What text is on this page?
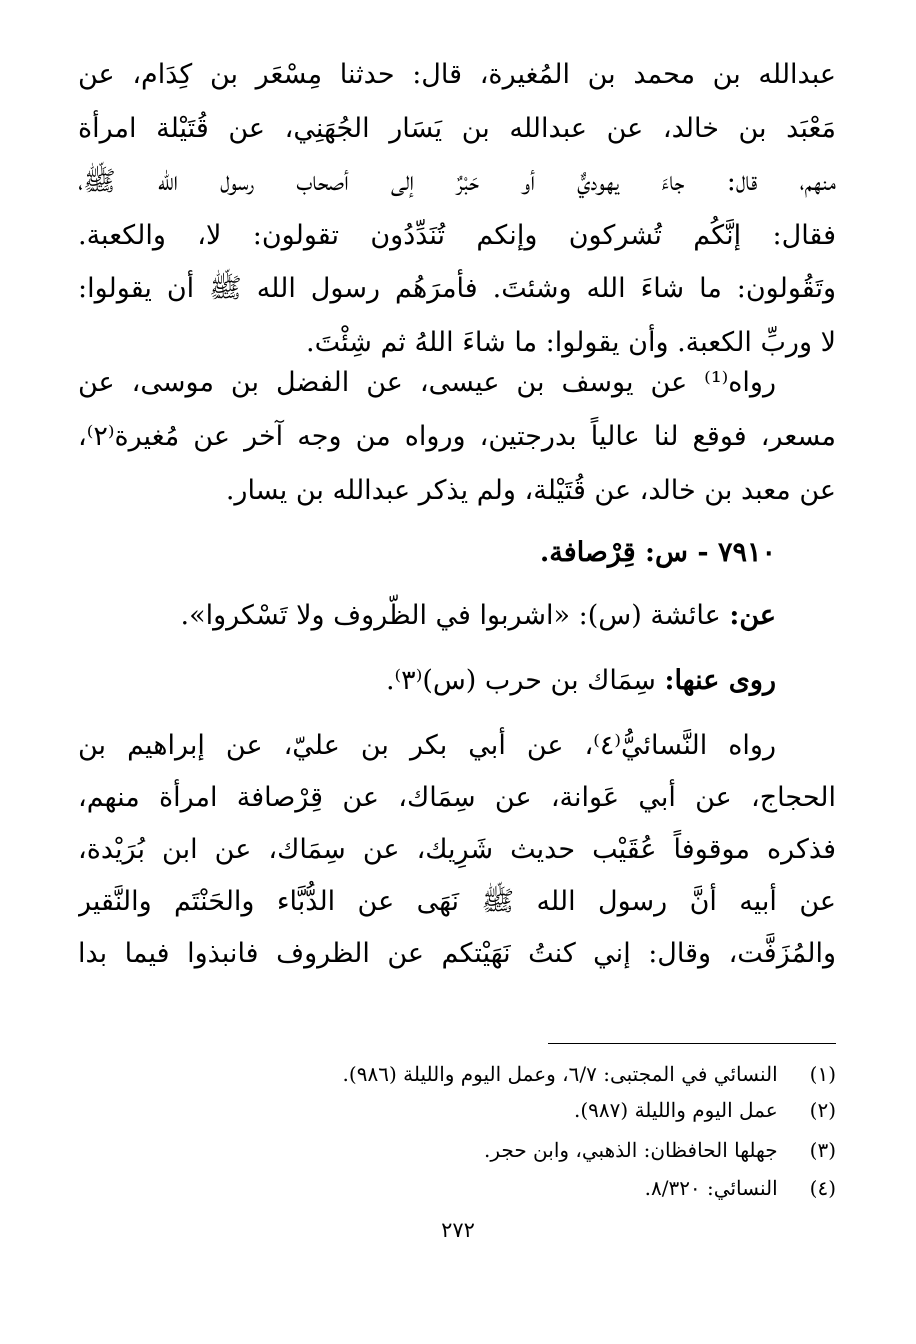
عبدالله بن محمد بن المُغيرة، قال: حدثنا مِسْعَر بن كِدَام، عن
مَعْبَد بن خالد، عن عبدالله بن يَسَار الجُهَنِي، عن قُتَيْلة امرأة
منهم، قال: جاءَ يهوديٌّ أو حَبْرٌ إلى أصحاب رسول الله ﷺ،
فقال: إنَّكُم تُشركون وإنكم تُنَدِّدُون تقولون: لا، والكعبة.
وتَقُولون: ما شاءَ الله وشئتَ. فأمرَهُم رسول الله ﷺ أن يقولوا:
لا وربِّ الكعبة. وأن يقولوا: ما شاءَ اللهُ ثم شِئْتَ.
رواه⁽¹⁾ عن يوسف بن عيسى، عن الفضل بن موسى، عن
مسعر، فوقع لنا عالياً بدرجتين، ورواه من وجه آخر عن مُغيرة⁽٢⁾،
عن معبد بن خالد، عن قُتَيْلة، ولم يذكر عبدالله بن يسار.
٧٩١٠ - س: قِرْصافة.
عن: عائشة (س): «اشربوا في الظّروف ولا تَسْكروا».
روى عنها: سِمَاك بن حرب (س)⁽٣⁾.
رواه النَّسائيُّ⁽٤⁾، عن أبي بكر بن عليّ، عن إبراهيم بن
الحجاج، عن أبي عَوانة، عن سِمَاك، عن قِرْصافة امرأة منهم،
فذكره موقوفاً عُقَيْب حديث شَرِيك، عن سِمَاك، عن ابن بُرَيْدة،
عن أبيه أنَّ رسول الله ﷺ نَهَى عن الدُّبَّاء والحَنْتَم والنَّقير
والمُزَفَّت، وقال: إني كنتُ نَهَيْتكم عن الظروف فانبذوا فيما بدا
(١) النسائي في المجتبى: ٦/٧، وعمل اليوم والليلة (٩٨٦).
(٢) عمل اليوم والليلة (٩٨٧).
(٣) جهلها الحافظان: الذهبي، وابن حجر.
(٤) النسائي: ٨/٣٢٠.
٢٧٢
